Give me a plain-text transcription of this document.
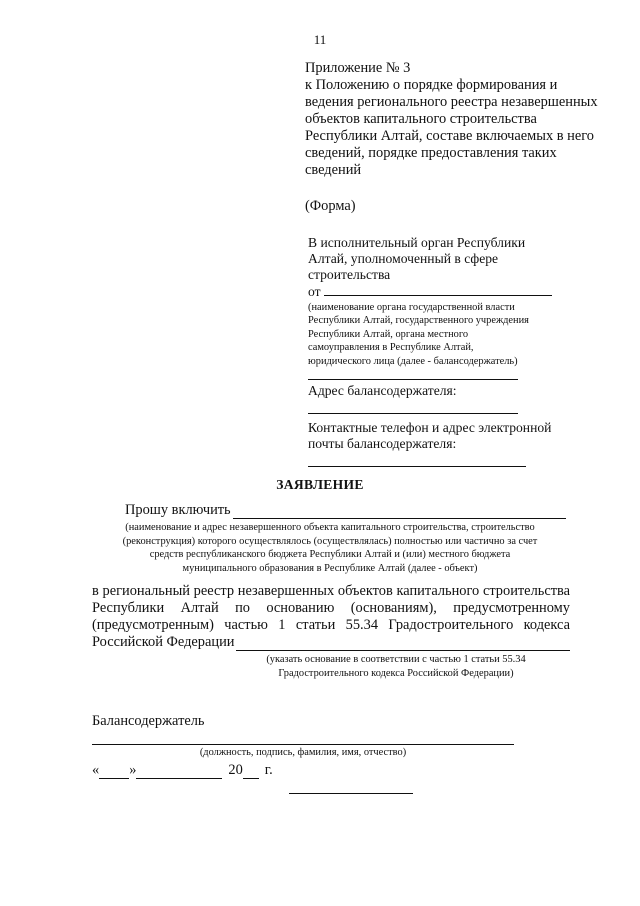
11
Приложение № 3
к Положению о порядке формирования и
ведения регионального реестра незавершенных
объектов капитального строительства
Республики Алтай, составе включаемых в него
сведений, порядке предоставления таких
сведений
(Форма)
В исполнительный орган Республики
Алтай, уполномоченный в сфере
строительства
от
(наименование органа государственной власти
Республики Алтай, государственного учреждения
Республики Алтай, органа местного
самоуправления в Республике Алтай,
юридического лица (далее - балансодержатель)
Адрес балансодержателя:
Контактные телефон и адрес электронной
почты балансодержателя:
ЗАЯВЛЕНИЕ
Прошу включить
(наименование и адрес незавершенного объекта капитального строительства, строительство
(реконструкция) которого осуществлялось (осуществлялась) полностью или частично за счет
средств республиканского бюджета Республики Алтай и (или) местного бюджета
муниципального образования в Республике Алтай (далее - объект)
в региональный реестр незавершенных объектов капитального строительства
Республики Алтай по основанию (основаниям), предусмотренному
(предусмотренным) частью 1 статьи 55.34 Градостроительного кодекса
Российской Федерации
(указать основание в соответствии с частью 1 статьи 55.34
Градостроительного кодекса Российской Федерации)
Балансодержатель
(должность, подпись, фамилия, имя, отчество)
« »	20 г.
